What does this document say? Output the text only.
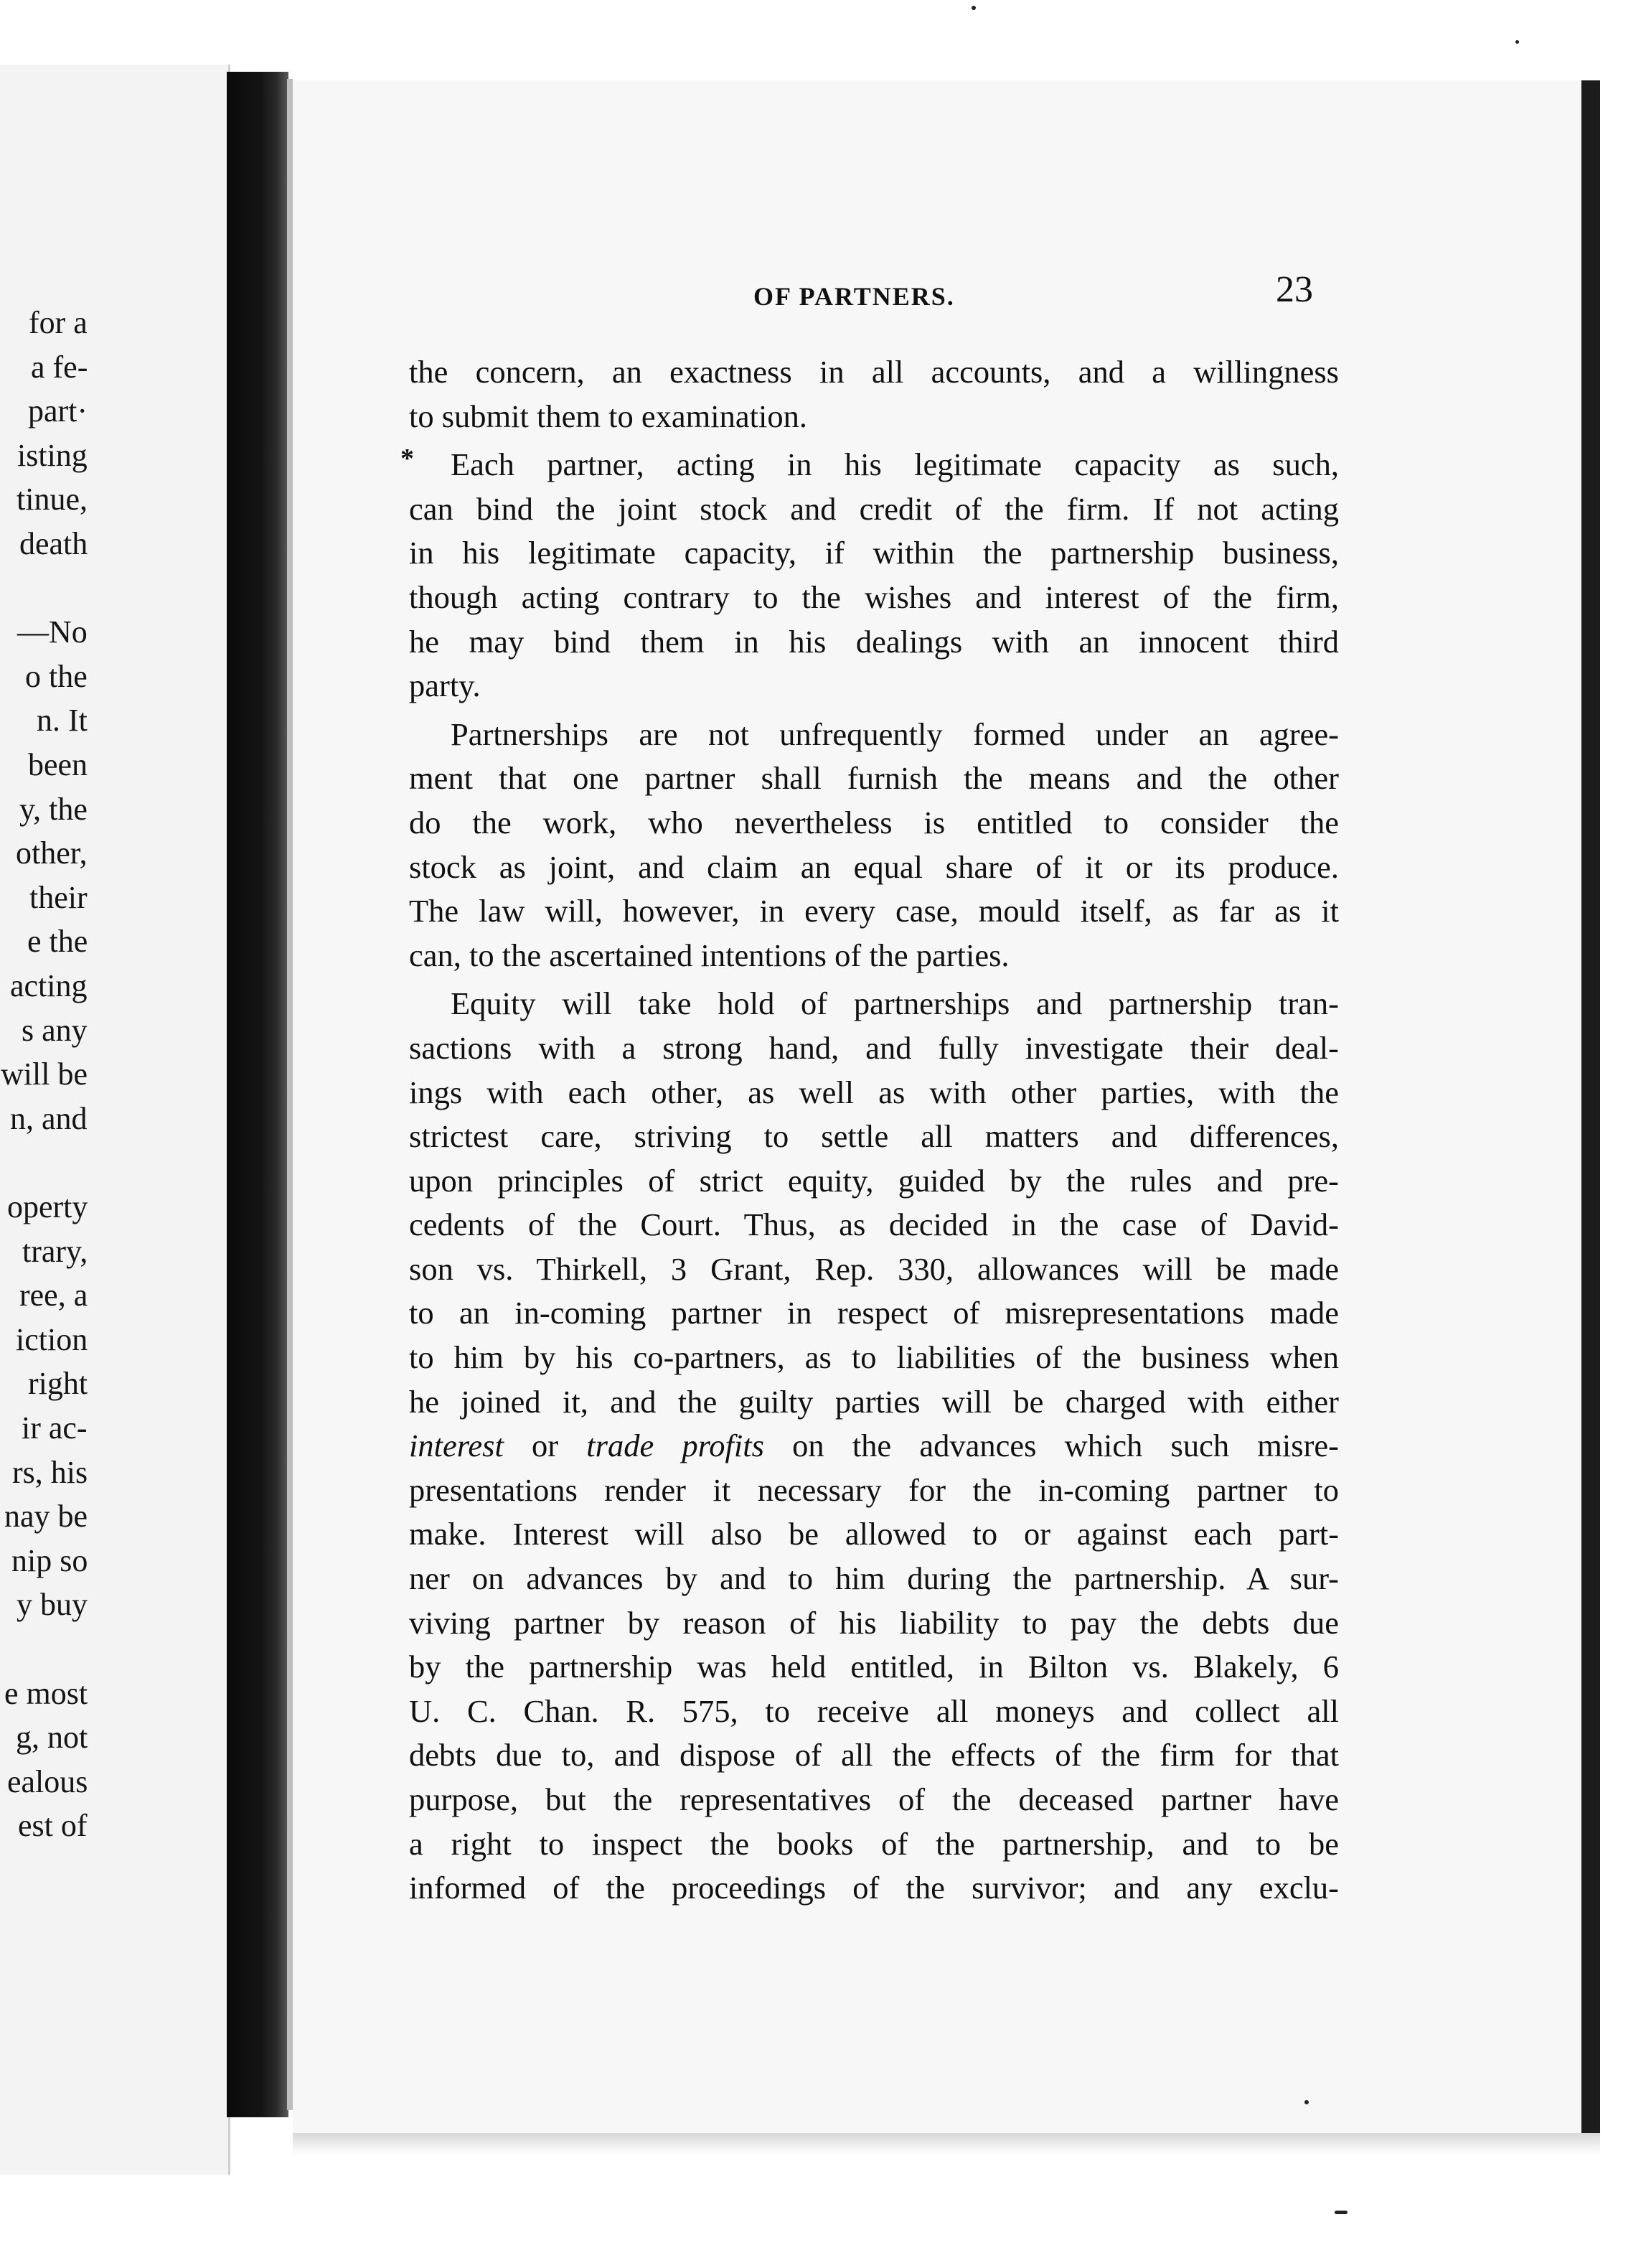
for a
a fe-
part·
isting
tinue,
death
—No
o the
n. It
been
y, the
other,
their
e the
acting
s any
will be
n, and
operty
trary,
ree, a
iction
right
ir ac-
rs, his
nay be
nip so
y buy
e most
g, not
ealous
est of
OF PARTNERS.	23
the concern, an exactness in all accounts, and a willingness
to submit them to examination.
*	Each partner, acting in his legitimate capacity as such,
can bind the joint stock and credit of the firm. If not acting
in his legitimate capacity, if within the partnership business,
though acting contrary to the wishes and interest of the firm,
he may bind them in his dealings with an innocent third
party.
Partnerships are not unfrequently formed under an agree-
ment that one partner shall furnish the means and the other
do the work, who nevertheless is entitled to consider the
stock as joint, and claim an equal share of it or its produce.
The law will, however, in every case, mould itself, as far as it
can, to the ascertained intentions of the parties.
Equity will take hold of partnerships and partnership tran-
sactions with a strong hand, and fully investigate their deal-
ings with each other, as well as with other parties, with the
strictest care, striving to settle all matters and differences,
upon principles of strict equity, guided by the rules and pre-
cedents of the Court. Thus, as decided in the case of David-
son vs. Thirkell, 3 Grant, Rep. 330, allowances will be made
to an in-coming partner in respect of misrepresentations made
to him by his co-partners, as to liabilities of the business when
he joined it, and the guilty parties will be charged with either
interest or trade profits on the advances which such misre-
presentations render it necessary for the in-coming partner to
make. Interest will also be allowed to or against each part-
ner on advances by and to him during the partnership. A sur-
viving partner by reason of his liability to pay the debts due
by the partnership was held entitled, in Bilton vs. Blakely, 6
U. C. Chan. R. 575, to receive all moneys and collect all
debts due to, and dispose of all the effects of the firm for that
purpose, but the representatives of the deceased partner have
a right to inspect the books of the partnership, and to be
informed of the proceedings of the survivor; and any exclu-
